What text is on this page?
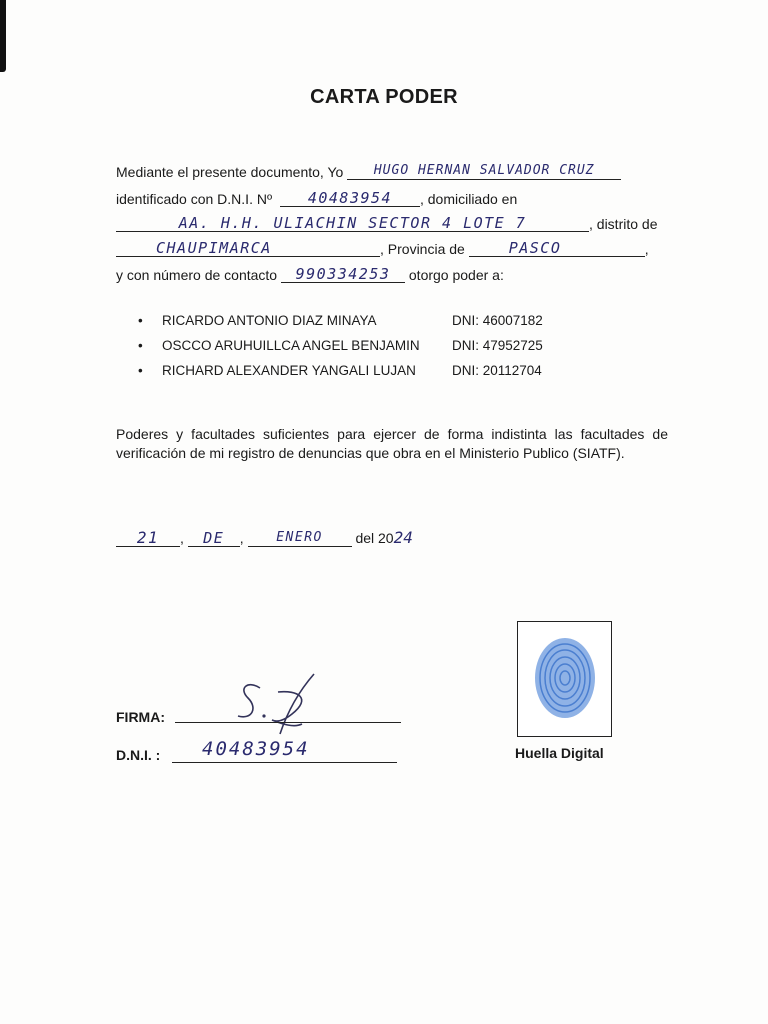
CARTA PODER
Mediante el presente documento, Yo HUGO HERNAN SALVADOR CRUZ
identificado con D.N.I. Nº 40483954 , domiciliado en
AA. H.H. ULIACHIN SECTOR 4 LOTE 7	, distrito de
CHAUPIMARCA	, Provincia de	PASCO	,
y con número de contacto 990334253 otorgo poder a:
RICARDO ANTONIO DIAZ MINAYA	DNI: 46007182
OSCCO ARUHUILLCA ANGEL BENJAMIN DNI: 47952725
RICHARD ALEXANDER YANGALI LUJAN	DNI: 20112704
Poderes y facultades suficientes para ejercer de forma indistinta las facultades de verificación de mi registro de denuncias que obra en el Ministerio Publico (SIATF).
21 , DE ,	ENERO del 2024
FIRMA:
D.N.I. : 40483954	Huella Digital
